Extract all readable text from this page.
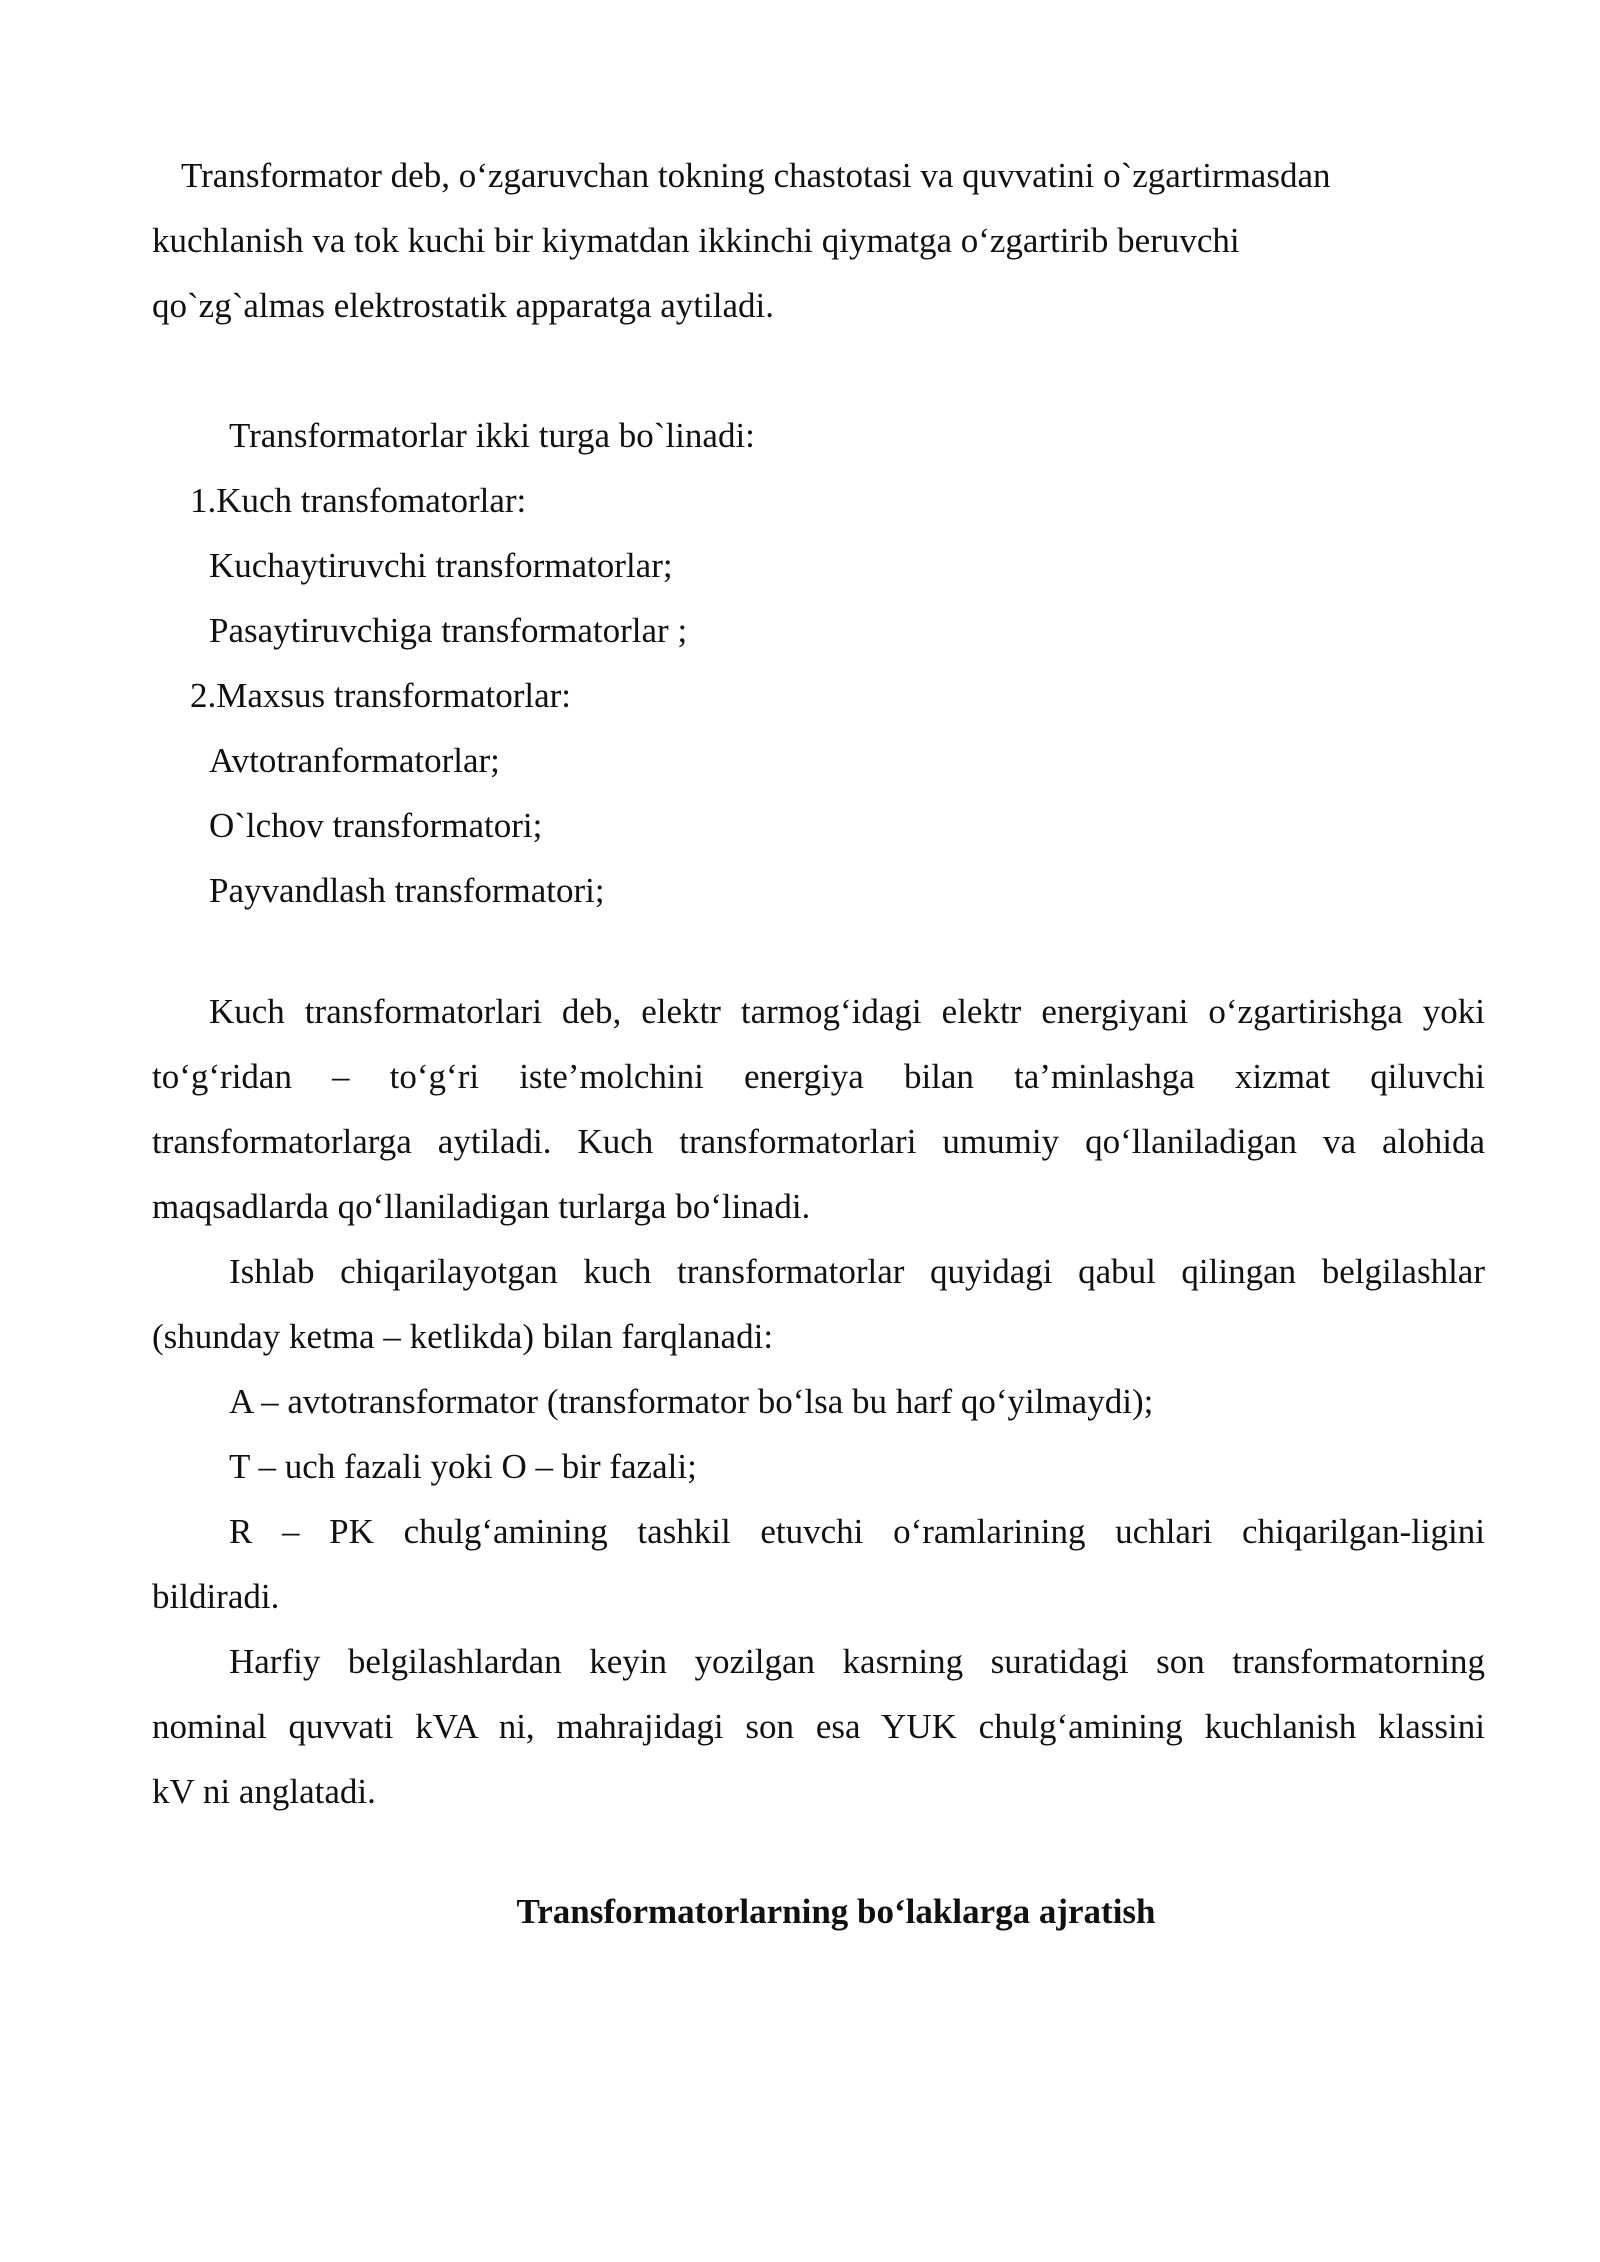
Transformator deb, o‘zgaruvchan tokning chastotasi va quvvatini o`zgartirmasdan

kuchlanish va tok kuchi bir kiymatdan ikkinchi qiymatga o‘zgartirib beruvchi

qo`zg`almas elektrostatik apparatga aytiladi.

Transformatorlar ikki turga bo`linadi:

1.Kuch transfomatorlar:

Kuchaytiruvchi transformatorlar;

Pasaytiruvchiga transformatorlar ;

2.Maxsus transformatorlar:

Avtotranformatorlar;

O`lchov transformatori;

Payvandlash transformatori;

Kuch transformatorlari deb, elektr tarmog‘idagi elektr energiyani o‘zgartirishga yoki

to‘g‘ridan – to‘g‘ri iste’molchini energiya bilan ta’minlashga xizmat qiluvchi

transformatorlarga aytiladi. Kuch transformatorlari umumiy qo‘llaniladigan va alohida

maqsadlarda qo‘llaniladigan turlarga bo‘linadi.

Ishlab chiqarilayotgan kuch transformatorlar quyidagi qabul qilingan belgilashlar

(shunday ketma – ketlikda) bilan farqlanadi:

A – avtotransformator (transformator bo‘lsa bu harf qo‘yilmaydi);

T – uch fazali yoki O – bir fazali;

R – PK chulg‘amining tashkil etuvchi o‘ramlarining uchlari chiqarilgan-ligini

bildiradi.

Harfiy belgilashlardan keyin yozilgan kasrning suratidagi son transformatorning

nominal quvvati kVA ni, mahrajidagi son esa YUK chulg‘amining kuchlanish klassini

kV ni anglatadi.

Transformatorlarning bo‘laklarga ajratish
